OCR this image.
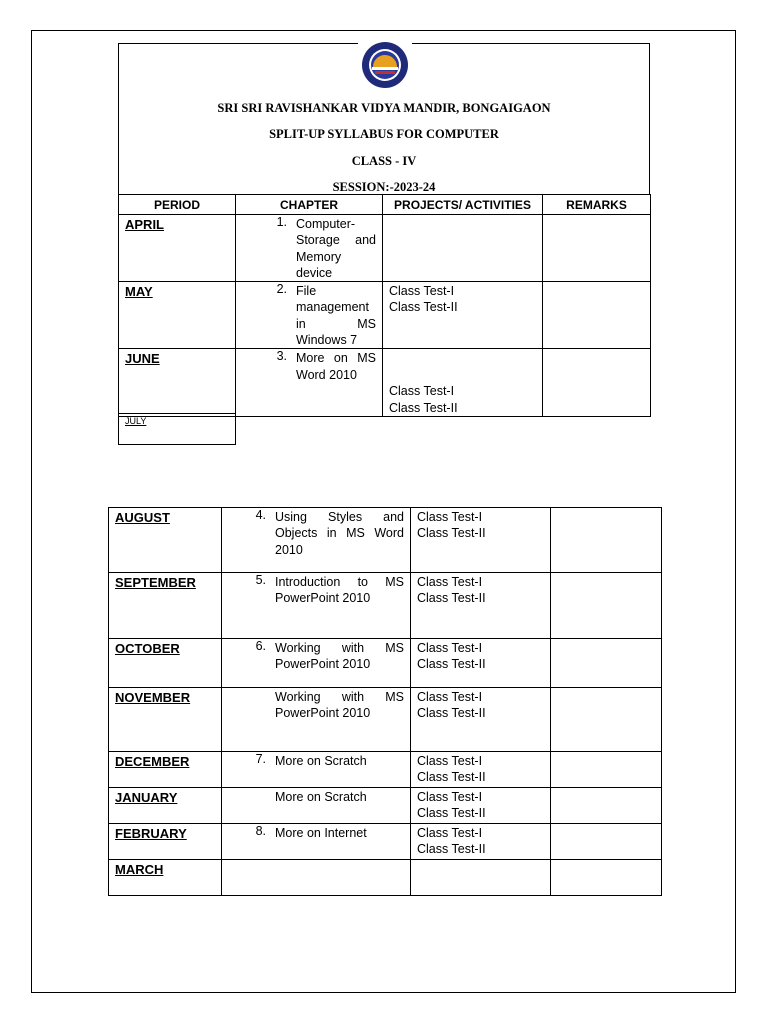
SRI SRI RAVISHANKAR VIDYA MANDIR, BONGAIGAON
SPLIT-UP SYLLABUS FOR COMPUTER
CLASS - IV
SESSION:-2023-24
PERIOD	CHAPTER	PROJECTS/ ACTIVITIES	REMARKS
APRIL	1. Computer-Storage and Memory device		

MAY	2. File management in MS Windows 7	Class Test-I
Class Test-II	

JUNE	3. More on MS Word 2010	Class Test-I
Class Test-II	

JULY
AUGUST	4. Using Styles and Objects in MS Word 2010	Class Test-I
Class Test-II	

SEPTEMBER	5. Introduction to MS PowerPoint 2010	Class Test-I
Class Test-II	

OCTOBER	6. Working with MS PowerPoint 2010	Class Test-I
Class Test-II	

NOVEMBER	Working with MS PowerPoint 2010	Class Test-I
Class Test-II	

DECEMBER	7. More on Scratch	Class Test-I
Class Test-II	

JANUARY	More on Scratch	Class Test-I
Class Test-II	

FEBRUARY	8. More on Internet	Class Test-I
Class Test-II	

MARCH	
